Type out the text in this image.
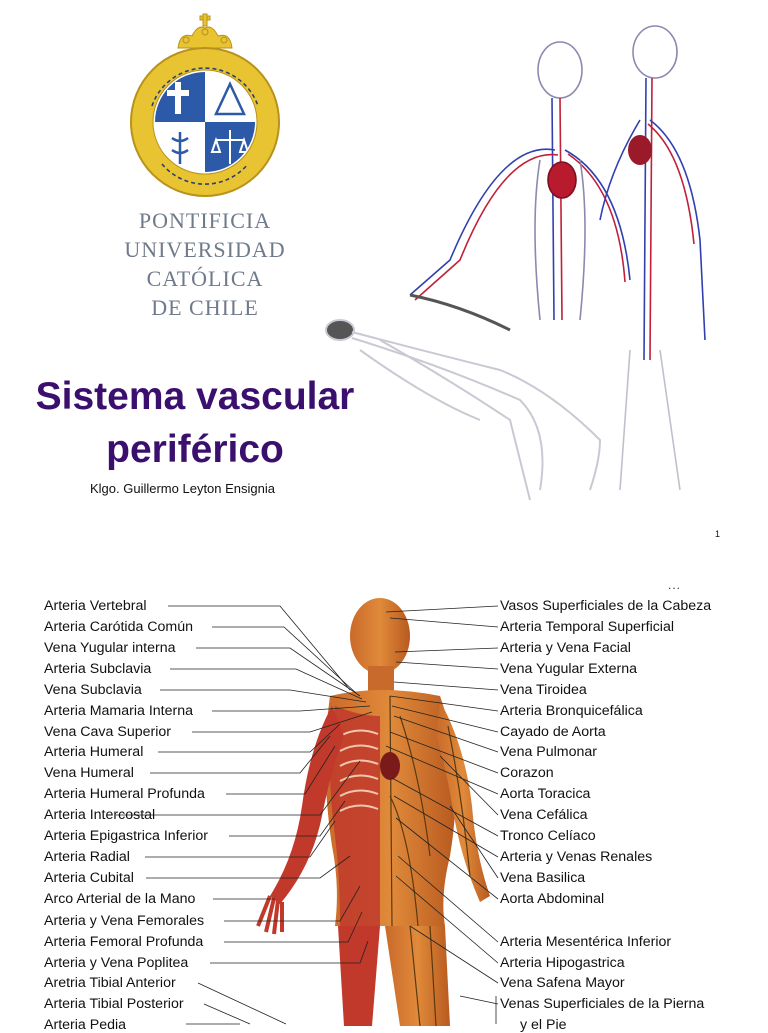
PONTIFICIA
UNIVERSIDAD
CATÓLICA
DE CHILE
Sistema vascular
periférico
Klgo. Guillermo Leyton Ensignia
1
...
Arteria Vertebral
Arteria Carótida Común
Vena Yugular interna
Arteria Subclavia
Vena Subclavia
Arteria Mamaria Interna
Vena Cava Superior
Arteria Humeral
Vena Humeral
Arteria Humeral Profunda
Arteria Intercostal
Arteria Epigastrica Inferior
Arteria Radial
Arteria Cubital
Arco Arterial de la Mano
Arteria y Vena Femorales
Arteria Femoral Profunda
Arteria y Vena Poplitea
Aretria Tibial Anterior
Arteria Tibial Posterior
Arteria Pedia
Vasos Superficiales de la Cabeza
Arteria Temporal Superficial
Arteria y Vena Facial
Vena Yugular Externa
Vena Tiroidea
Arteria Bronquicefálica
Cayado de Aorta
Vena Pulmonar
Corazon
Aorta Toracica
Vena Cefálica
Tronco Celíaco
Arteria y Venas Renales
Vena Basilica
Aorta Abdominal
Arteria Mesentérica Inferior
Arteria Hipogastrica
Vena Safena Mayor
Venas Superficiales de la Pierna
y el Pie
